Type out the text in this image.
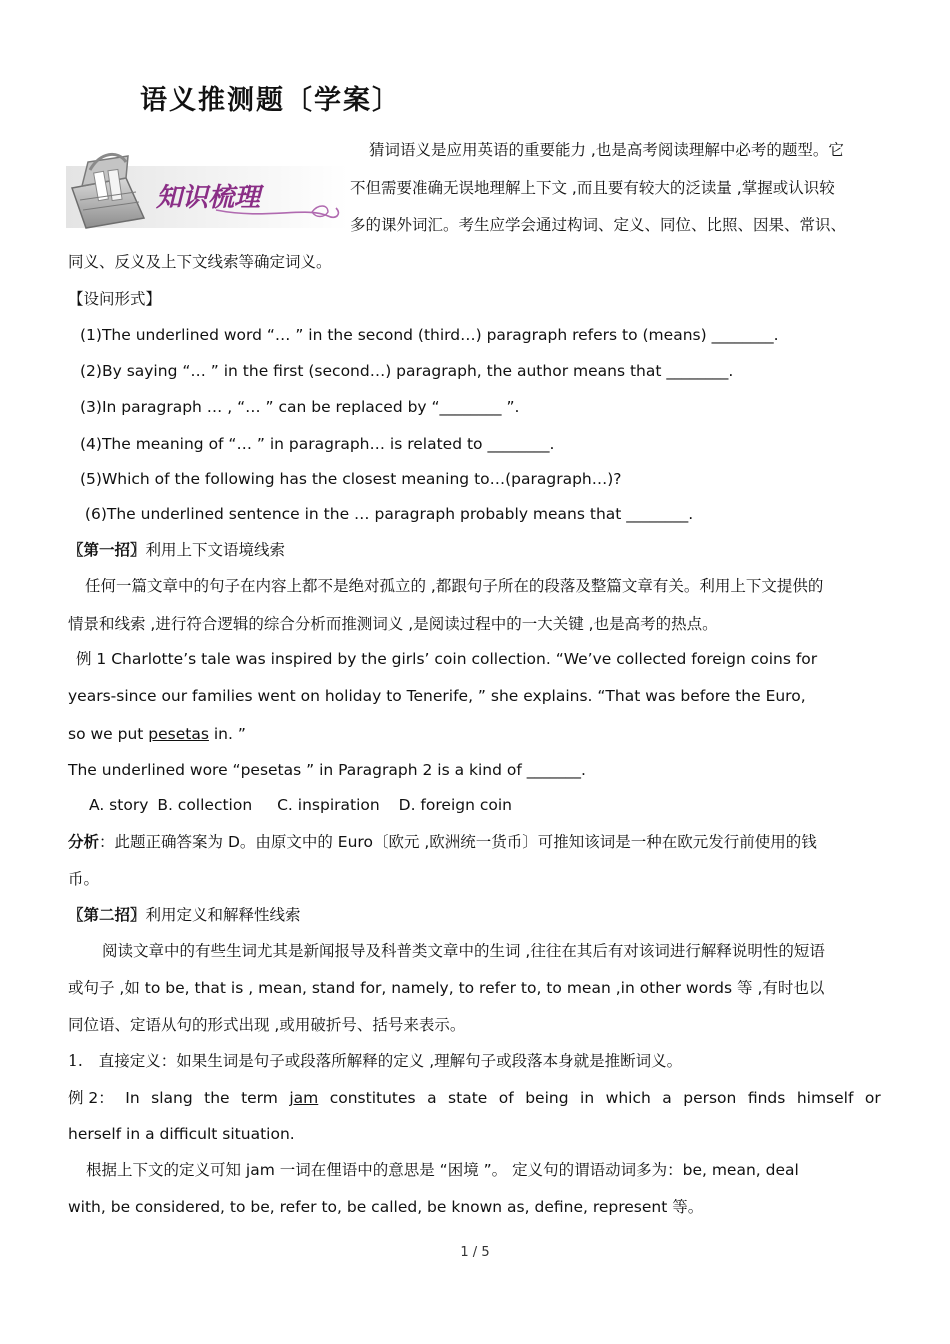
语义推测题〔学案〕
知识梳理
猜词语义是应用英语的重要能力 ,也是高考阅读理解中必考的题型。它
不但需要准确无误地理解上下文 ,而且要有较大的泛读量 ,掌握或认识较
多的课外词汇。考生应学会通过构词、定义、同位、比照、因果、常识、
同义、反义及上下文线索等确定词义。
【设问形式】
(1)The underlined word “… ” in the second (third…) paragraph refers to (means) ________.
(2)By saying “… ” in the first (second…) paragraph, the author means that ________.
(3)In paragraph … , “… ” can be replaced by “________ ”.
(4)The meaning of “… ” in paragraph… is related to ________.
(5)Which of the following has the closest meaning to…(paragraph…)?
(6)The underlined sentence in the … paragraph probably means that ________.
〖第一招〗利用上下文语境线索
任何一篇文章中的句子在内容上都不是绝对孤立的 ,都跟句子所在的段落及整篇文章有关。利用上下文提供的
情景和线索 ,进行符合逻辑的综合分析而推测词义 ,是阅读过程中的一大关键 ,也是高考的热点。
例 1 Charlotte’s tale was inspired by the girls’ coin collection. “We’ve collected foreign coins for
years-since our families went on holiday to Tenerife, ” she explains. “That was before the Euro,
so we put pesetas in. ”
The underlined wore “pesetas ” in Paragraph 2 is a kind of _______.
A. story B. collection C. inspiration D. foreign coin
分析：此题正确答案为 D。由原文中的 Euro〔欧元 ,欧洲统一货币〕可推知该词是一种在欧元发行前使用的钱
币。
〖第二招〗利用定义和解释性线索
阅读文章中的有些生词尤其是新闻报导及科普类文章中的生词 ,往往在其后有对该词进行解释说明性的短语
或句子 ,如 to be, that is , mean, stand for, namely, to refer to, to mean ,in other words 等 ,有时也以
同位语、定语从句的形式出现 ,或用破折号、括号来表示。
1. 直接定义：如果生词是句子或段落所解释的定义 ,理解句子或段落本身就是推断词义。
例 2： In slang the term jam constitutes a state of being in which a person finds himself or
herself in a difficult situation.
根据上下文的定义可知 jam 一词在俚语中的意思是 “困境 ”。 定义句的谓语动词多为：be, mean, deal
with, be considered, to be, refer to, be called, be known as, define, represent 等。
1 / 5
